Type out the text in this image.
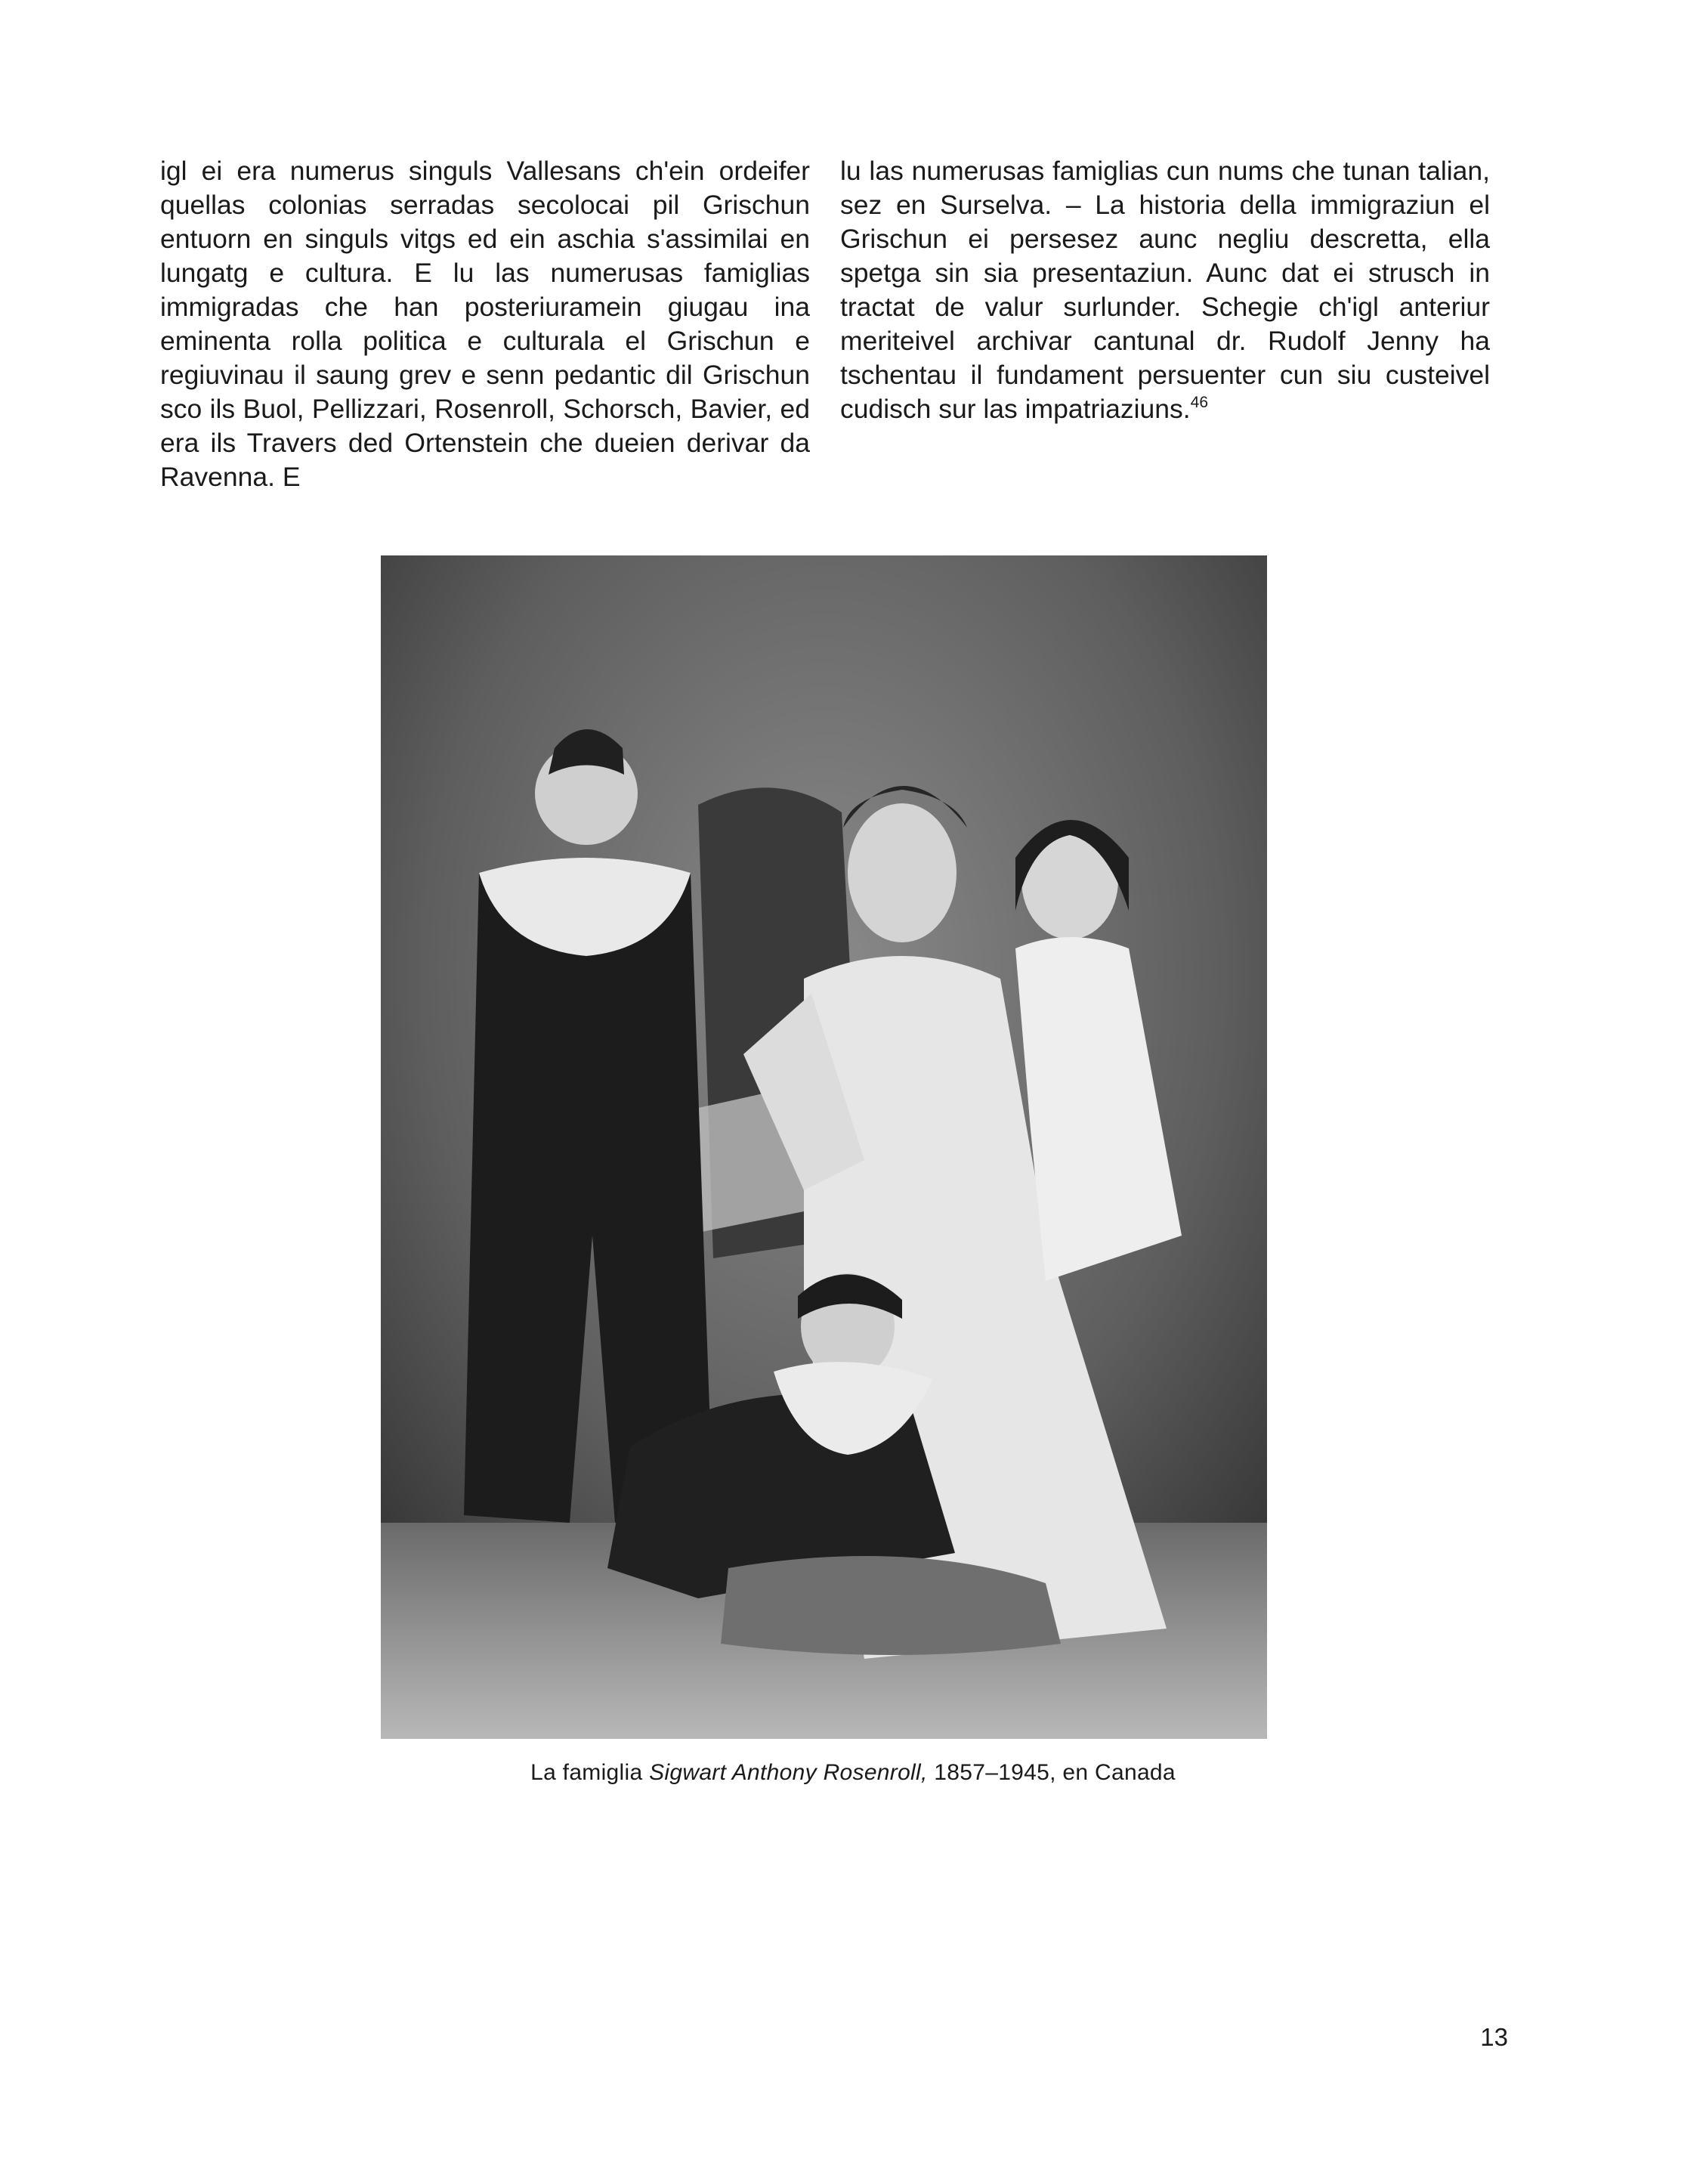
igl ei era numerus singuls Vallesans ch'ein ordeifer quellas colonias serradas secolocai pil Grischun entuorn en singuls vitgs ed ein aschia s'assimilai en lungatg e cultura. E lu las numerusas famiglias immigradas che han posteriuramein giugau ina eminenta rolla politica e culturala el Grischun e regiuvinau il saung grev e senn pedantic dil Grischun sco ils Buol, Pellizzari, Rosenroll, Schorsch, Bavier, ed era ils Travers ded Ortenstein che dueien derivar da Ravenna. E

lu las numerusas famiglias cun nums che tunan talian, sez en Surselva. – La historia della immigraziun el Grischun ei persesez aunc negliu descretta, ella spetga sin sia presentaziun. Aunc dat ei strusch in tractat de valur surlunder. Schegie ch'igl anteriur meriteivel archivar cantunal dr. Rudolf Jenny ha tschentau il fundament persuenter cun siu custeivel cudisch sur las impatriaziuns.$^{46}$

La famiglia Sigwart Anthony Rosenroll, 1857–1945, en Canada
13
